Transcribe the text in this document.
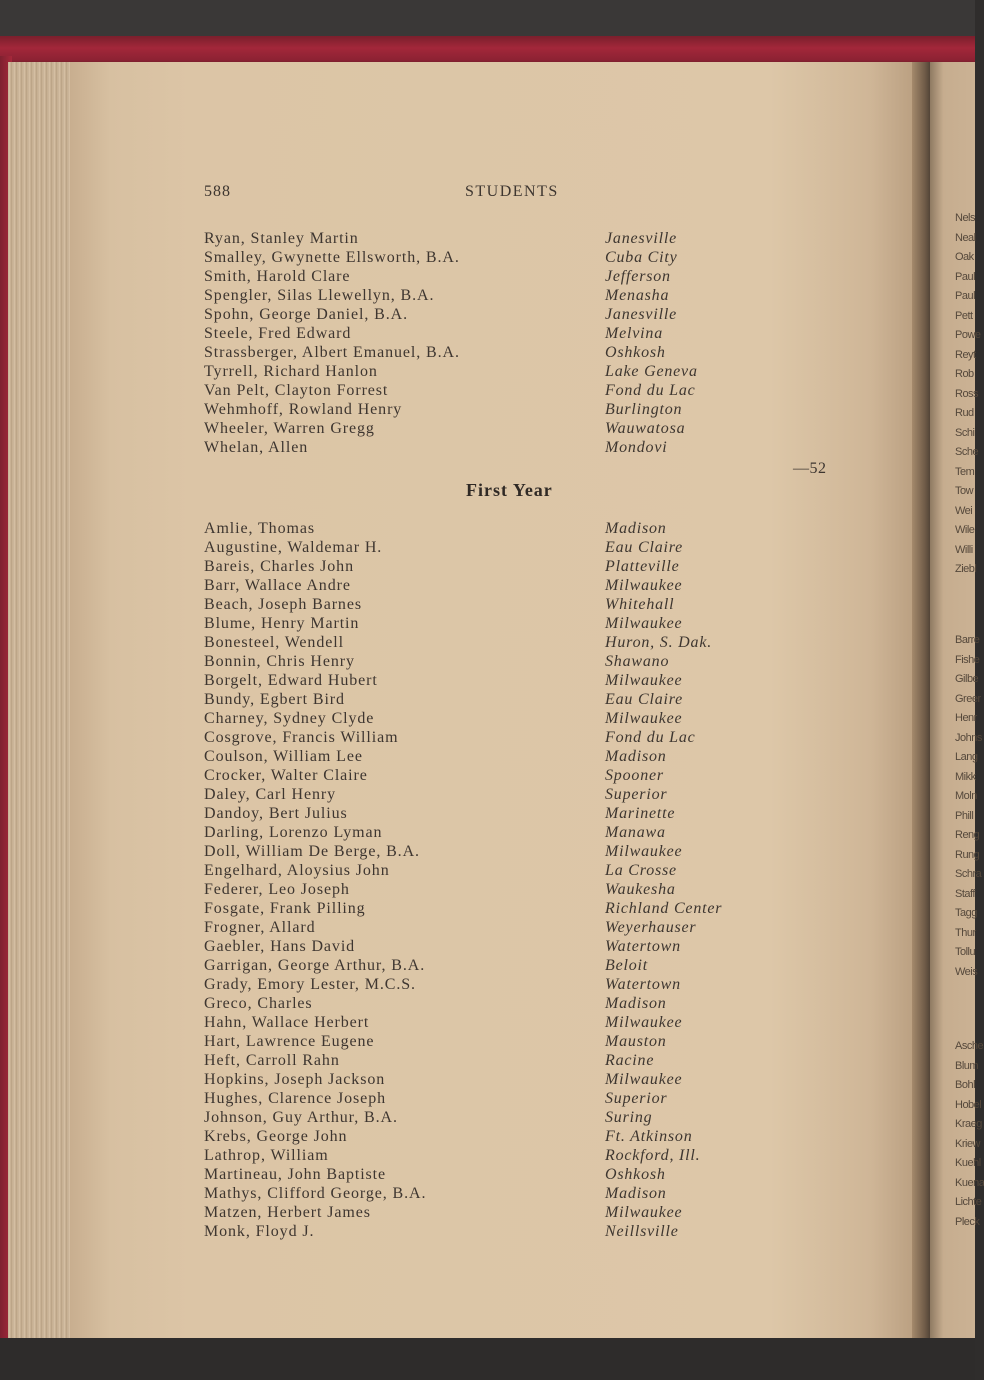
Nels
Neal
Oak
Paul
Paul
Pett
Powe
Reyt
Rob
Ross
Rud
Schi
Sche
Tem
Tow
Wei
Wile
Willi
Ziebl
Barre
Fishe
Gilbe
Greer
Henr
Johns
Lang
Mikk
Moln
Phill
Reng
Rung
Schra
Staff
Tagg
Thur
Tollu
Weis
Asche
Blum
Bohl
Hobel
Kraeg
Kriew
Kuehl
Kuena
Lichte
Pleck
588	STUDENTS
Ryan, Stanley Martin	Janesville
Smalley, Gwynette Ellsworth, B.A.	Cuba City
Smith, Harold Clare	Jefferson
Spengler, Silas Llewellyn, B.A.	Menasha
Spohn, George Daniel, B.A.	Janesville
Steele, Fred Edward	Melvina
Strassberger, Albert Emanuel, B.A.	Oshkosh
Tyrrell, Richard Hanlon	Lake Geneva
Van Pelt, Clayton Forrest	Fond du Lac
Wehmhoff, Rowland Henry	Burlington
Wheeler, Warren Gregg	Wauwatosa
Whelan, Allen	Mondovi
—52
First Year
Amlie, Thomas	Madison
Augustine, Waldemar H.	Eau Claire
Bareis, Charles John	Platteville
Barr, Wallace Andre	Milwaukee
Beach, Joseph Barnes	Whitehall
Blume, Henry Martin	Milwaukee
Bonesteel, Wendell	Huron, S. Dak.
Bonnin, Chris Henry	Shawano
Borgelt, Edward Hubert	Milwaukee
Bundy, Egbert Bird	Eau Claire
Charney, Sydney Clyde	Milwaukee
Cosgrove, Francis William	Fond du Lac
Coulson, William Lee	Madison
Crocker, Walter Claire	Spooner
Daley, Carl Henry	Superior
Dandoy, Bert Julius	Marinette
Darling, Lorenzo Lyman	Manawa
Doll, William De Berge, B.A.	Milwaukee
Engelhard, Aloysius John	La Crosse
Federer, Leo Joseph	Waukesha
Fosgate, Frank Pilling	Richland Center
Frogner, Allard	Weyerhauser
Gaebler, Hans David	Watertown
Garrigan, George Arthur, B.A.	Beloit
Grady, Emory Lester, M.C.S.	Watertown
Greco, Charles	Madison
Hahn, Wallace Herbert	Milwaukee
Hart, Lawrence Eugene	Mauston
Heft, Carroll Rahn	Racine
Hopkins, Joseph Jackson	Milwaukee
Hughes, Clarence Joseph	Superior
Johnson, Guy Arthur, B.A.	Suring
Krebs, George John	Ft. Atkinson
Lathrop, William	Rockford, Ill.
Martineau, John Baptiste	Oshkosh
Mathys, Clifford George, B.A.	Madison
Matzen, Herbert James	Milwaukee
Monk, Floyd J.	Neillsville
